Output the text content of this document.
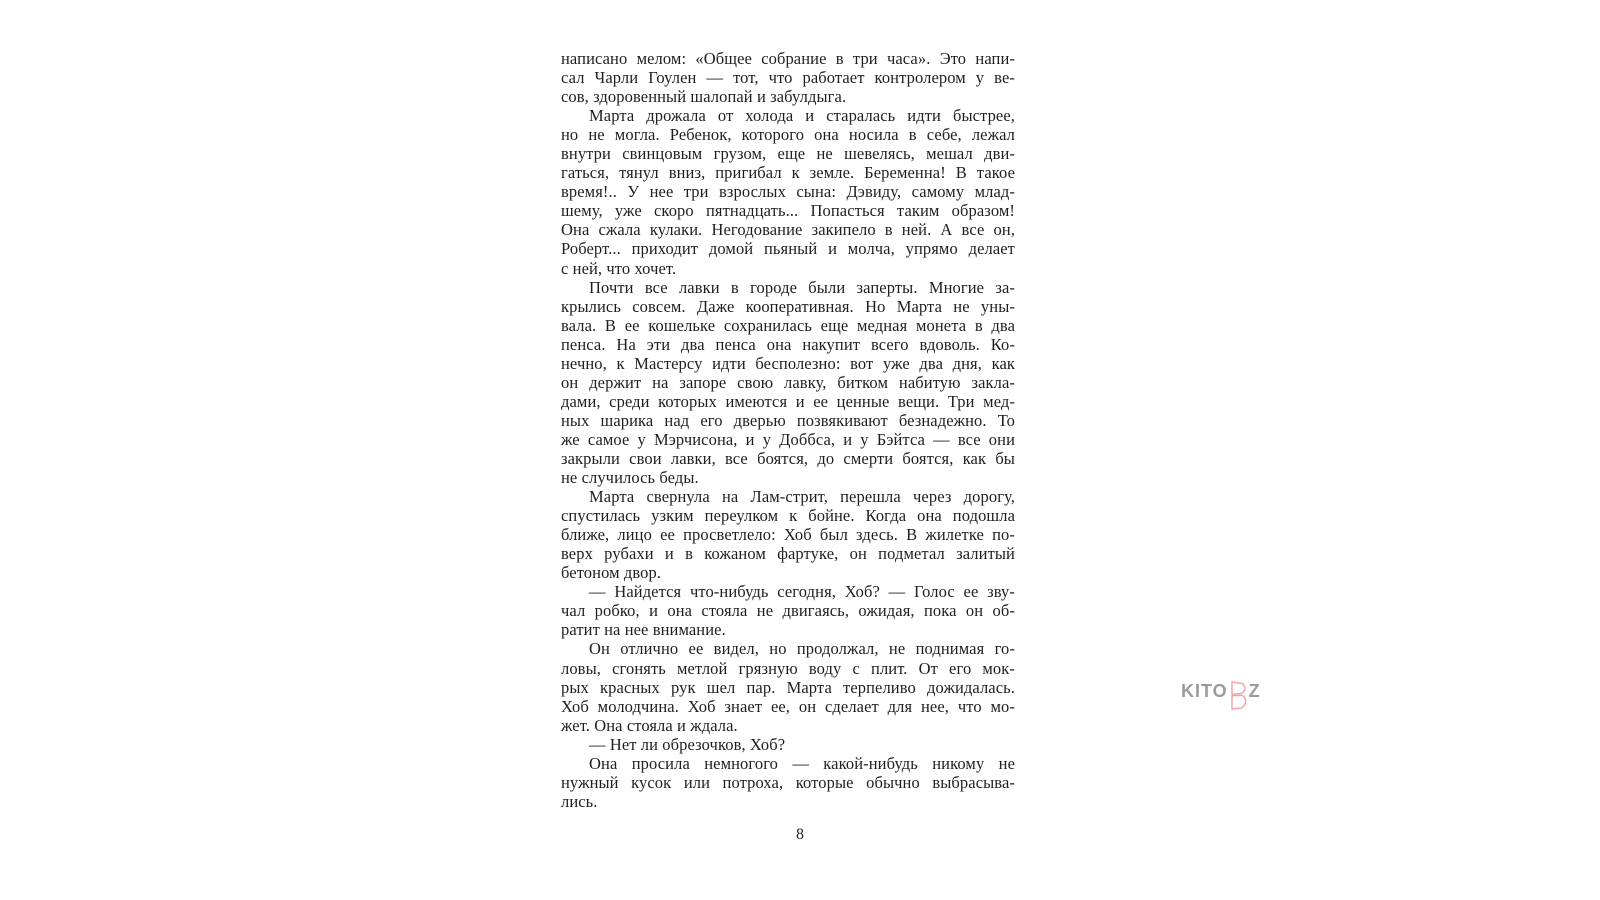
написано мелом: «Общее собрание в три часа». Это напи-
сал Чарли Гоулен — тот, что работает контролером у ве-
сов, здоровенный шалопай и забулдыга.
Марта дрожала от холода и старалась идти быстрее,
но не могла. Ребенок, которого она носила в себе, лежал
внутри свинцовым грузом, еще не шевелясь, мешал дви-
гаться, тянул вниз, пригибал к земле. Беременна! В такое
время!.. У нее три взрослых сына: Дэвиду, самому млад-
шему, уже скоро пятнадцать... Попасться таким образом!
Она сжала кулаки. Негодование закипело в ней. А все он,
Роберт... приходит домой пьяный и молча, упрямо делает
с ней, что хочет.
Почти все лавки в городе были заперты. Многие за-
крылись совсем. Даже кооперативная. Но Марта не уны-
вала. В ее кошельке сохранилась еще медная монета в два
пенса. На эти два пенса она накупит всего вдоволь. Ко-
нечно, к Мастерсу идти бесполезно: вот уже два дня, как
он держит на запоре свою лавку, битком набитую закла-
дами, среди которых имеются и ее ценные вещи. Три мед-
ных шарика над его дверью позвякивают безнадежно. То
же самое у Мэрчисона, и у Доббса, и у Бэйтса — все они
закрыли свои лавки, все боятся, до смерти боятся, как бы
не случилось беды.
Марта свернула на Лам-стрит, перешла через дорогу,
спустилась узким переулком к бойне. Когда она подошла
ближе, лицо ее просветлело: Хоб был здесь. В жилетке по-
верх рубахи и в кожаном фартуке, он подметал залитый
бетоном двор.
— Найдется что-нибудь сегодня, Хоб? — Голос ее зву-
чал робко, и она стояла не двигаясь, ожидая, пока он об-
ратит на нее внимание.
Он отлично ее видел, но продолжал, не поднимая го-
ловы, сгонять метлой грязную воду с плит. От его мок-
рых красных рук шел пар. Марта терпеливо дожидалась.
Хоб молодчина. Хоб знает ее, он сделает для нее, что мо-
жет. Она стояла и ждала.
— Нет ли обрезочков, Хоб?
Она просила немногого — какой-нибудь никому не
нужный кусок или потроха, которые обычно выбрасыва-
лись.
8
KITO Z
